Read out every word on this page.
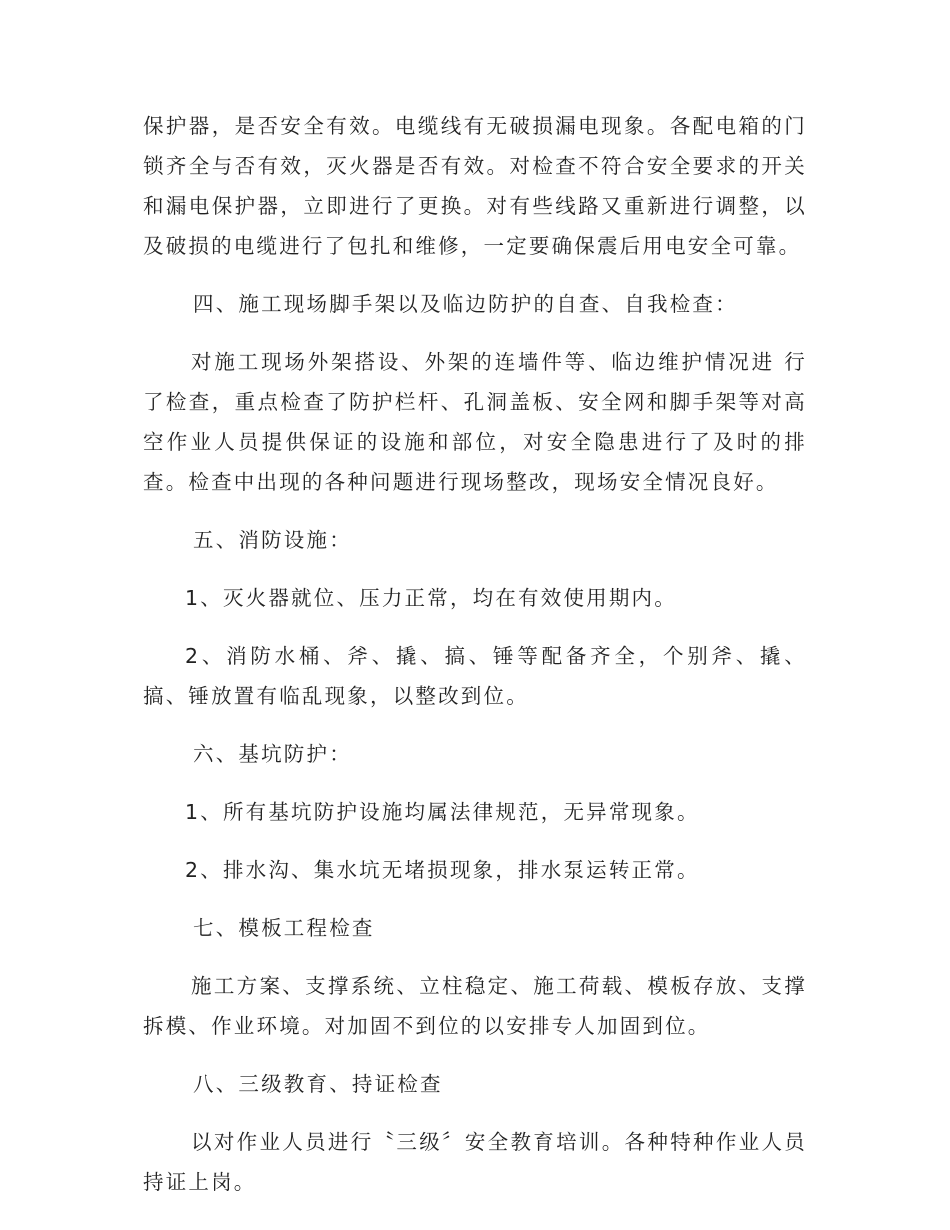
保护器，是否安全有效。电缆线有无破损漏电现象。各配电箱的门锁齐全与否有效，灭火器是否有效。对检查不符合安全要求的开关和漏电保护器，立即进行了更换。对有些线路又重新进行调整，以及破损的电缆进行了包扎和维修，一定要确保震后用电安全可靠。

四、施工现场脚手架以及临边防护的自查、自我检查：

对施工现场外架搭设、外架的连墙件等、临边维护情况进 行了检查，重点检查了防护栏杆、孔洞盖板、安全网和脚手架等对高空作业人员提供保证的设施和部位，对安全隐患进行了及时的排查。检查中出现的各种问题进行现场整改，现场安全情况良好。

五、消防设施：

1、灭火器就位、压力正常，均在有效使用期内。

2、消防水桶、斧、撬、搞、锤等配备齐全，个别斧、撬、搞、锤放置有临乱现象，以整改到位。

六、基坑防护：

1、所有基坑防护设施均属法律规范，无异常现象。

2、排水沟、集水坑无堵损现象，排水泵运转正常。

七、模板工程检查

施工方案、支撑系统、立柱稳定、施工荷载、模板存放、支撑拆模、作业环境。对加固不到位的以安排专人加固到位。

八、三级教育、持证检查

以对作业人员进行〝三级〞安全教育培训。各种特种作业人员持证上岗。
